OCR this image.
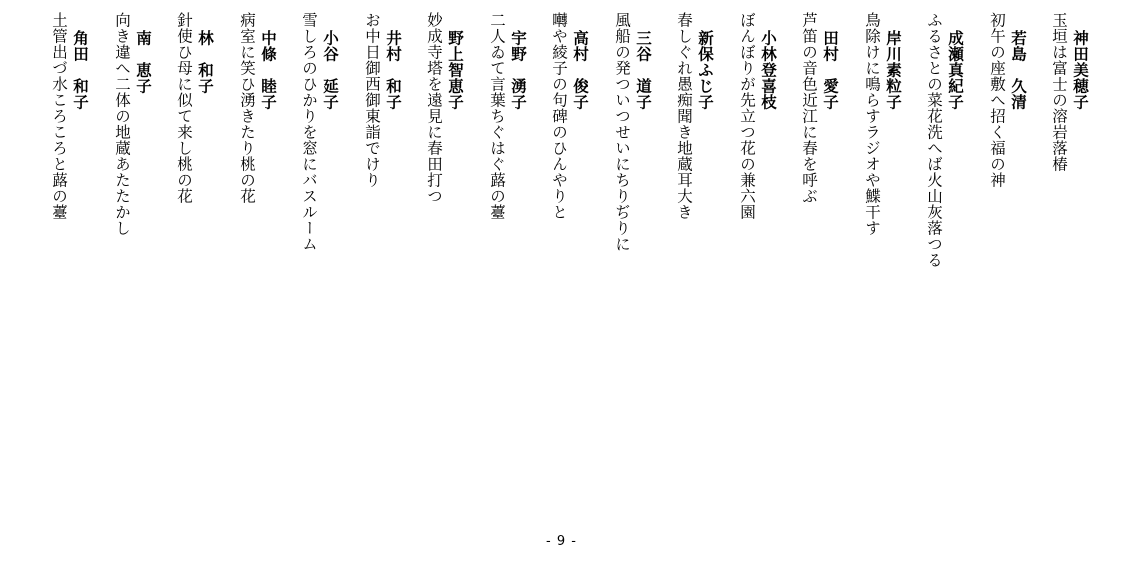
神田美穂子
玉垣は富士の溶岩落椿
若島　久清
初午の座敷へ招く福の神
成瀬真紀子
ふるさとの菜花洗へば火山灰落つる
岸川素粒子
鳥除けに鳴らすラジオや鰈干す
田村　愛子
芦笛の音色近江に春を呼ぶ
小林登喜枝
ぼんぼりが先立つ花の兼六園
新保ふじ子
春しぐれ愚痴聞き地蔵耳大き
三谷　道子
風船の発ついつせいにちりぢりに
高村　俊子
囀や綾子の句碑のひんやりと
宇野　湧子
二人ゐて言葉ちぐはぐ蕗の薹
野上智恵子
妙成寺塔を遠見に春田打つ
井村　和子
お中日御西御東詣でけり
小谷　延子
雪しろのひかりを窓にバスルーム
中條　睦子
病室に笑ひ湧きたり桃の花
林　和子
針使ひ母に似て来し桃の花
南　恵子
向き違へ二体の地蔵あたたかし
角田　和子
土管出づ水ころころと蕗の薹
- 9 -
